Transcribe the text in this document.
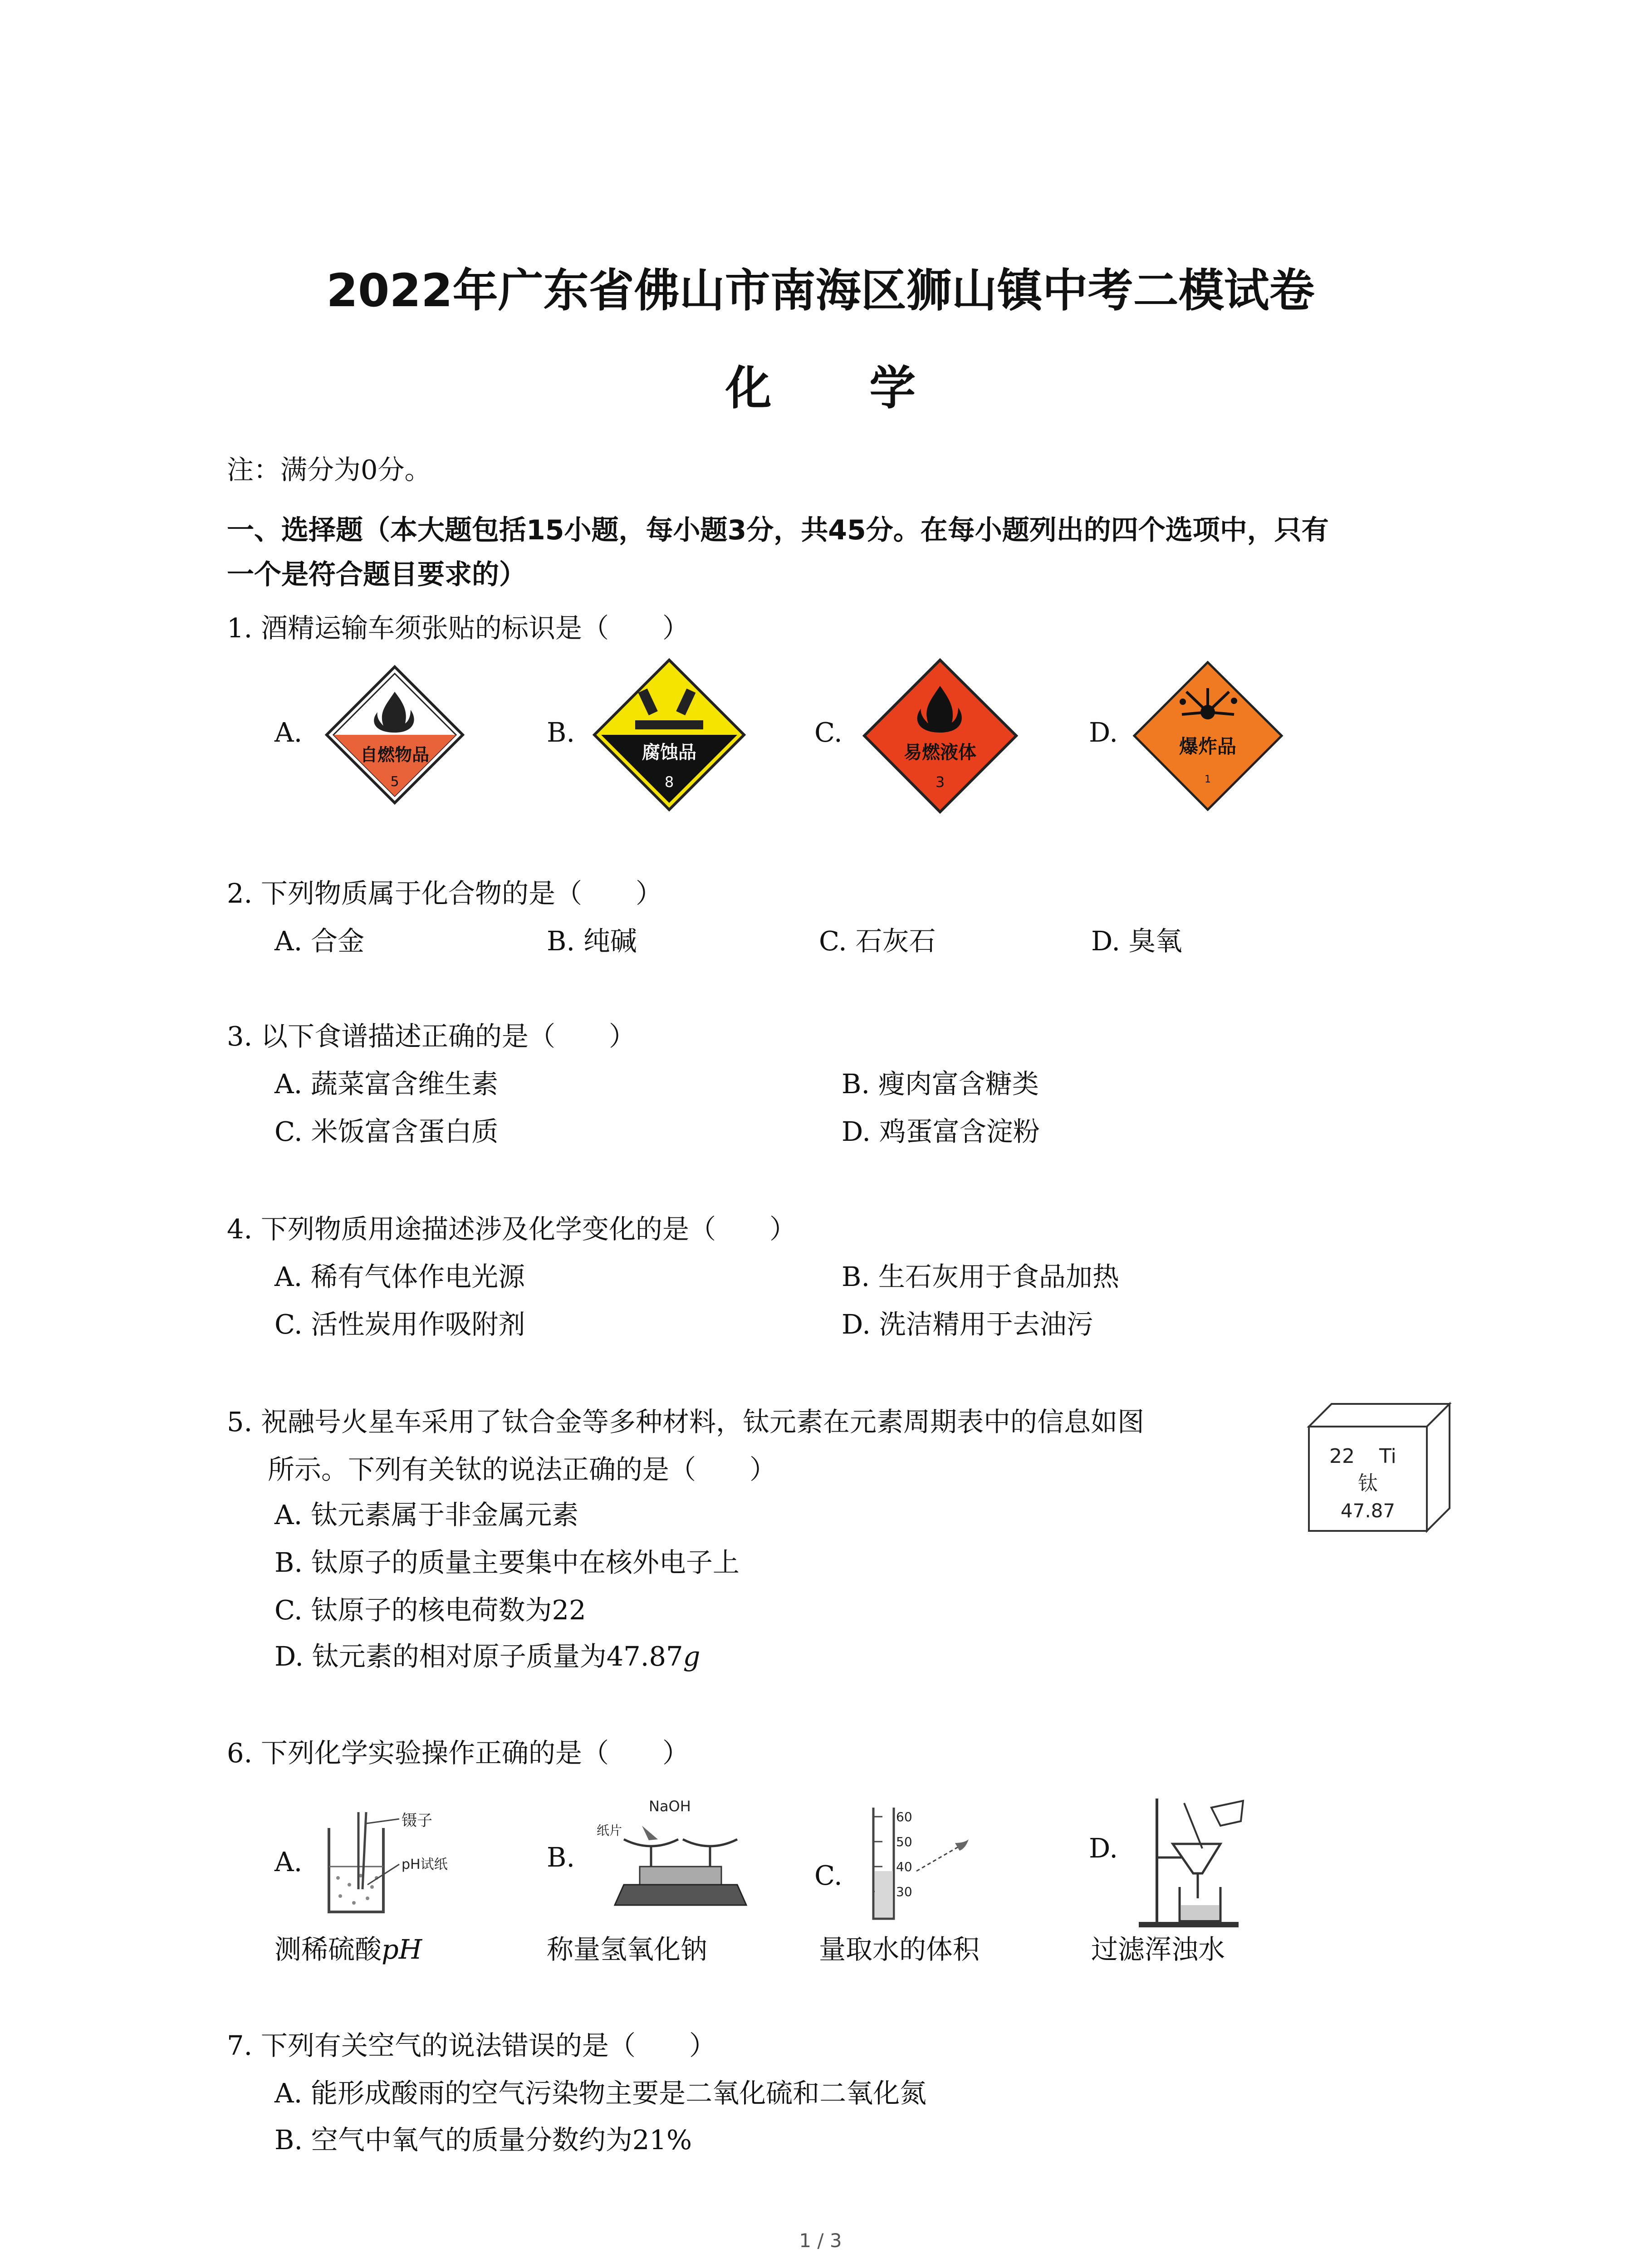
2022年广东省佛山市南海区狮山镇中考二模试卷
化 学
注：满分为0分。
一、选择题（本大题包括15小题，每小题3分，共45分。在每小题列出的四个选项中，只有
一个是符合题目要求的）
1. 酒精运输车须张贴的标识是（　　）
A.
自燃物品
5
B.
腐蚀品
8
C.
易燃液体
3
D.	爆炸品
1
2. 下列物质属于化合物的是（　　）
A. 合金	B. 纯碱	C. 石灰石	D. 臭氧
3. 以下食谱描述正确的是（　　）
A. 蔬菜富含维生素	B. 瘦肉富含糖类
C. 米饭富含蛋白质	D. 鸡蛋富含淀粉
4. 下列物质用途描述涉及化学变化的是（　　）
A. 稀有气体作电光源	B. 生石灰用于食品加热
C. 活性炭用作吸附剂	D. 洗洁精用于去油污
5. 祝融号火星车采用了钛合金等多种材料，钛元素在元素周期表中的信息如图
所示。下列有关钛的说法正确的是（　　）
A. 钛元素属于非金属元素
B. 钛原子的质量主要集中在核外电子上
C. 钛原子的核电荷数为22
D. 钛元素的相对原子质量为47.87g
22 Ti
钛
47.87
6. 下列化学实验操作正确的是（　　）
A.
镊子
pH试纸	B.
NaOH
纸片
C.
60
50
40
30
D.
测稀硫酸pH	称量氢氧化钠	量取水的体积	过滤浑浊水
7. 下列有关空气的说法错误的是（　　）
A. 能形成酸雨的空气污染物主要是二氧化硫和二氧化氮
B. 空气中氧气的质量分数约为21%
1 / 3
